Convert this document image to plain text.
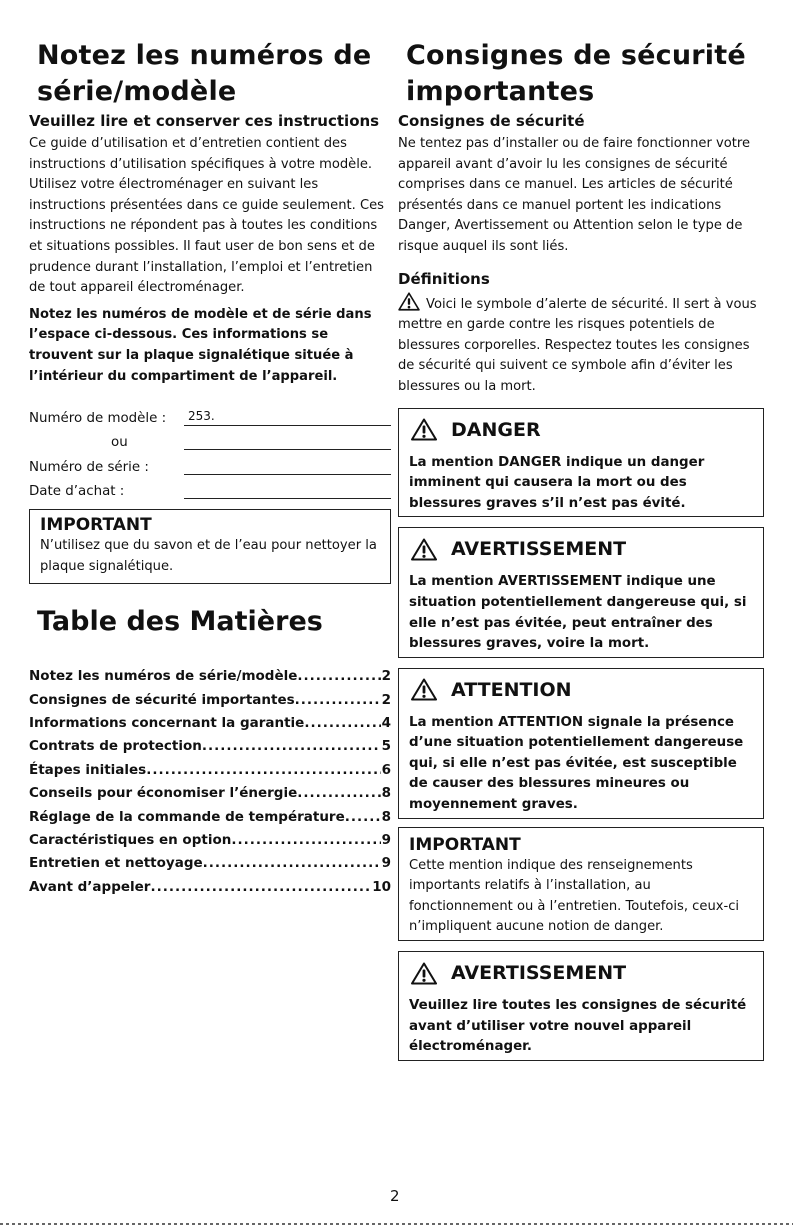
Notez les numéros de série/modèle
Veuillez lire et conserver ces instructions

Ce guide d’utilisation et d’entretien contient des instructions d’utilisation spécifiques à votre modèle. Utilisez votre électroménager en suivant les instructions présentées dans ce guide seulement. Ces instructions ne répondent pas à toutes les conditions et situations possibles. Il faut user de bon sens et de prudence durant l’installation, l’emploi et l’entretien de tout appareil électroménager.

Notez les numéros de modèle et de série dans l’espace ci-dessous. Ces informations se trouvent sur la plaque signalétique située à l’intérieur du compartiment de l’appareil.

Numéro de modèle :	253.
ou
Numéro de série :
Date d’achat :
IMPORTANT

N’utilisez que du savon et de l’eau pour nettoyer la plaque signalétique.

Table des Matières
Notez les numéros de série/modèle .....	2
Consignes de sécurité importantes .....	2
Informations concernant la garantie .....	4
Contrats de protection .....	5
Étapes initiales .....	6
Conseils pour économiser l’énergie .....	8
Réglage de la commande de température .....	8
Caractéristiques en option .....	9
Entretien et nettoyage .....	9
Avant d’appeler .....	10
Consignes de sécurité importantes
Consignes de sécurité

Ne tentez pas d’installer ou de faire fonctionner votre appareil avant d’avoir lu les consignes de sécurité comprises dans ce manuel. Les articles de sécurité présentés dans ce manuel portent les indications Danger, Avertissement ou Attention selon le type de risque auquel ils sont liés.

Définitions

Voici le symbole d’alerte de sécurité. Il sert à vous mettre en garde contre les risques potentiels de blessures corporelles. Respectez toutes les consignes de sécurité qui suivent ce symbole afin d’éviter les blessures ou la mort.

DANGER
La mention DANGER indique un danger imminent qui causera la mort ou des blessures graves s’il n’est pas évité.
AVERTISSEMENT
La mention AVERTISSEMENT indique une situation potentiellement dangereuse qui, si elle n’est pas évitée, peut entraîner des blessures graves, voire la mort.
ATTENTION
La mention ATTENTION signale la présence d’une situation potentiellement dangereuse qui, si elle n’est pas évitée, est susceptible de causer des blessures mineures ou moyennement graves.
IMPORTANT

Cette mention indique des renseignements importants relatifs à l’installation, au fonctionnement ou à l’entretien. Toutefois, ceux-ci n’impliquent aucune notion de danger.

AVERTISSEMENT
Veuillez lire toutes les consignes de sécurité avant d’utiliser votre nouvel appareil électroménager.
2
